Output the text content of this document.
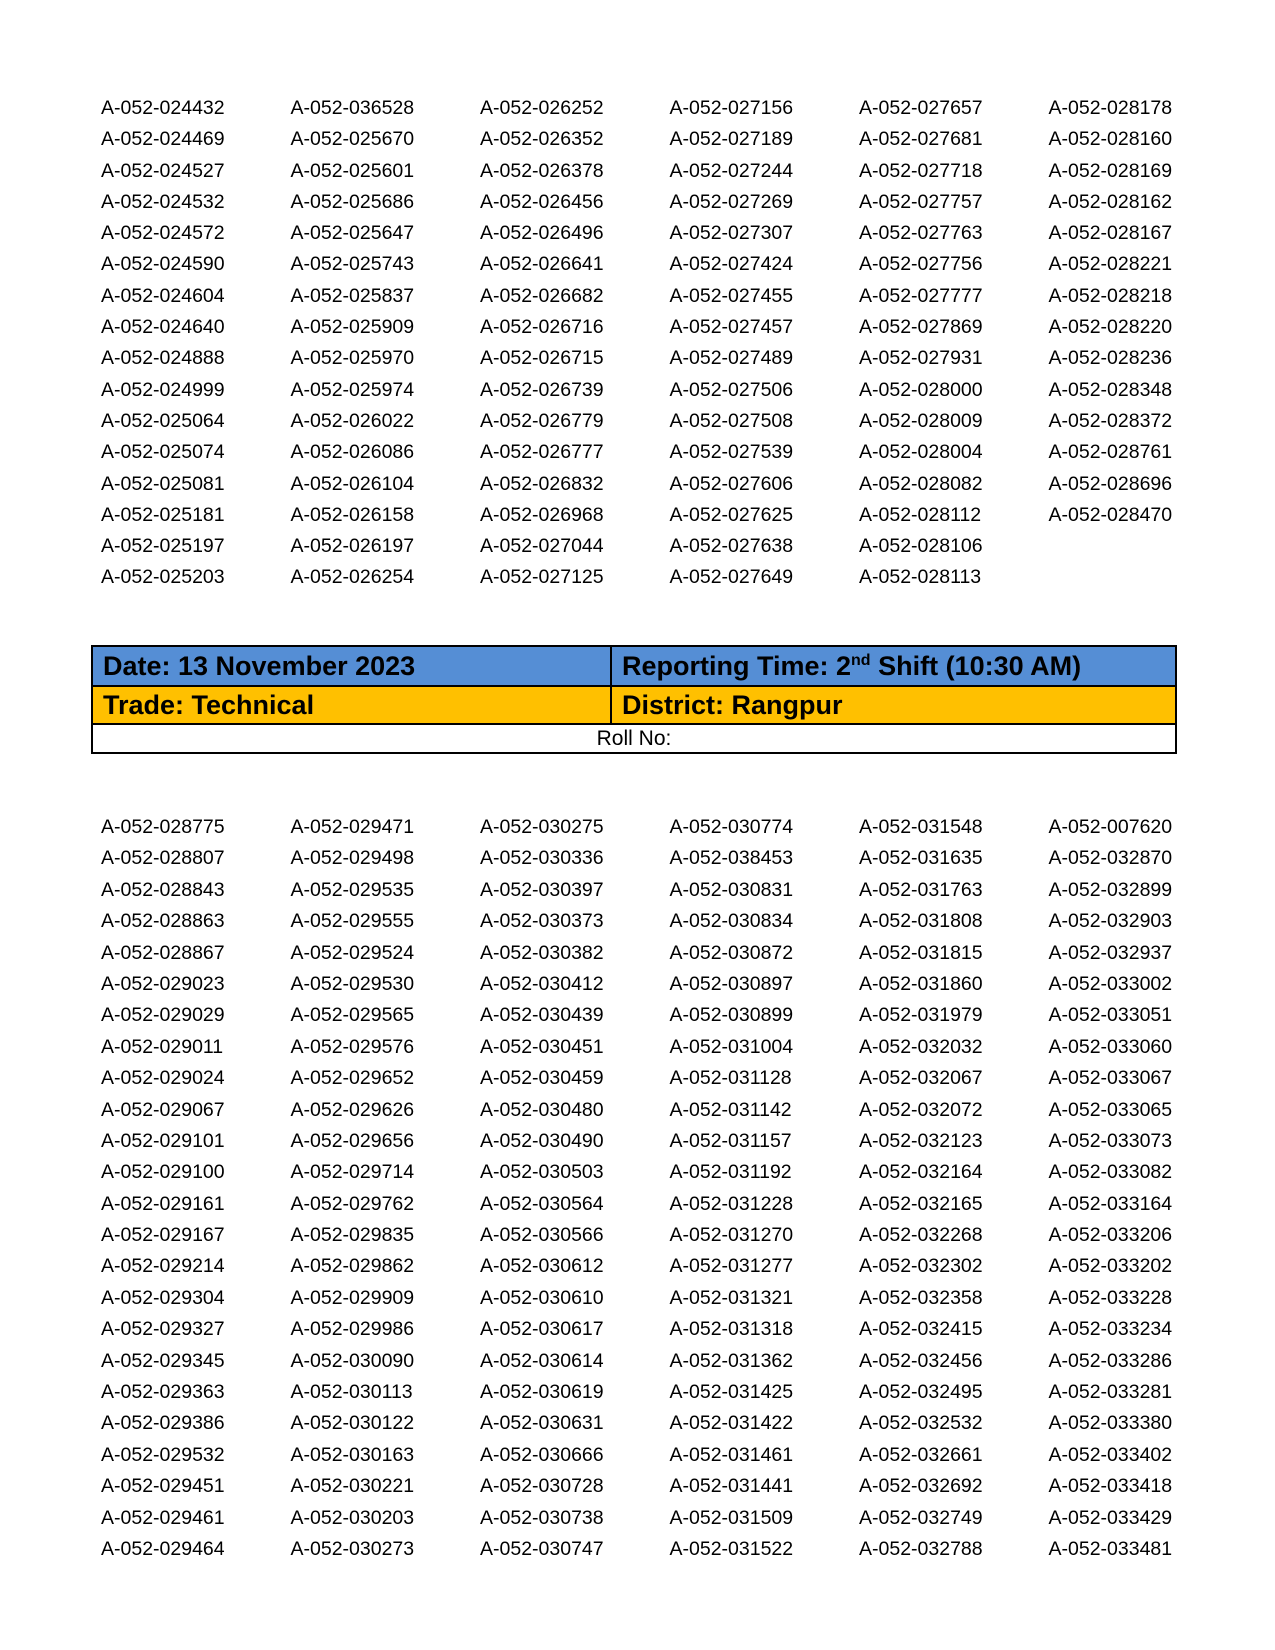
A-052-024432	A-052-036528	A-052-026252	A-052-027156	A-052-027657	A-052-028178
A-052-024469	A-052-025670	A-052-026352	A-052-027189	A-052-027681	A-052-028160
A-052-024527	A-052-025601	A-052-026378	A-052-027244	A-052-027718	A-052-028169
A-052-024532	A-052-025686	A-052-026456	A-052-027269	A-052-027757	A-052-028162
A-052-024572	A-052-025647	A-052-026496	A-052-027307	A-052-027763	A-052-028167
A-052-024590	A-052-025743	A-052-026641	A-052-027424	A-052-027756	A-052-028221
A-052-024604	A-052-025837	A-052-026682	A-052-027455	A-052-027777	A-052-028218
A-052-024640	A-052-025909	A-052-026716	A-052-027457	A-052-027869	A-052-028220
A-052-024888	A-052-025970	A-052-026715	A-052-027489	A-052-027931	A-052-028236
A-052-024999	A-052-025974	A-052-026739	A-052-027506	A-052-028000	A-052-028348
A-052-025064	A-052-026022	A-052-026779	A-052-027508	A-052-028009	A-052-028372
A-052-025074	A-052-026086	A-052-026777	A-052-027539	A-052-028004	A-052-028761
A-052-025081	A-052-026104	A-052-026832	A-052-027606	A-052-028082	A-052-028696
A-052-025181	A-052-026158	A-052-026968	A-052-027625	A-052-028112	A-052-028470
A-052-025197	A-052-026197	A-052-027044	A-052-027638	A-052-028106
A-052-025203	A-052-026254	A-052-027125	A-052-027649	A-052-028113
Date: 13 November 2023	Reporting Time: 2nd Shift (10:30 AM)
Trade: Technical	District: Rangpur
Roll No:	
A-052-028775	A-052-029471	A-052-030275	A-052-030774	A-052-031548	A-052-007620
A-052-028807	A-052-029498	A-052-030336	A-052-038453	A-052-031635	A-052-032870
A-052-028843	A-052-029535	A-052-030397	A-052-030831	A-052-031763	A-052-032899
A-052-028863	A-052-029555	A-052-030373	A-052-030834	A-052-031808	A-052-032903
A-052-028867	A-052-029524	A-052-030382	A-052-030872	A-052-031815	A-052-032937
A-052-029023	A-052-029530	A-052-030412	A-052-030897	A-052-031860	A-052-033002
A-052-029029	A-052-029565	A-052-030439	A-052-030899	A-052-031979	A-052-033051
A-052-029011	A-052-029576	A-052-030451	A-052-031004	A-052-032032	A-052-033060
A-052-029024	A-052-029652	A-052-030459	A-052-031128	A-052-032067	A-052-033067
A-052-029067	A-052-029626	A-052-030480	A-052-031142	A-052-032072	A-052-033065
A-052-029101	A-052-029656	A-052-030490	A-052-031157	A-052-032123	A-052-033073
A-052-029100	A-052-029714	A-052-030503	A-052-031192	A-052-032164	A-052-033082
A-052-029161	A-052-029762	A-052-030564	A-052-031228	A-052-032165	A-052-033164
A-052-029167	A-052-029835	A-052-030566	A-052-031270	A-052-032268	A-052-033206
A-052-029214	A-052-029862	A-052-030612	A-052-031277	A-052-032302	A-052-033202
A-052-029304	A-052-029909	A-052-030610	A-052-031321	A-052-032358	A-052-033228
A-052-029327	A-052-029986	A-052-030617	A-052-031318	A-052-032415	A-052-033234
A-052-029345	A-052-030090	A-052-030614	A-052-031362	A-052-032456	A-052-033286
A-052-029363	A-052-030113	A-052-030619	A-052-031425	A-052-032495	A-052-033281
A-052-029386	A-052-030122	A-052-030631	A-052-031422	A-052-032532	A-052-033380
A-052-029532	A-052-030163	A-052-030666	A-052-031461	A-052-032661	A-052-033402
A-052-029451	A-052-030221	A-052-030728	A-052-031441	A-052-032692	A-052-033418
A-052-029461	A-052-030203	A-052-030738	A-052-031509	A-052-032749	A-052-033429
A-052-029464	A-052-030273	A-052-030747	A-052-031522	A-052-032788	A-052-033481
